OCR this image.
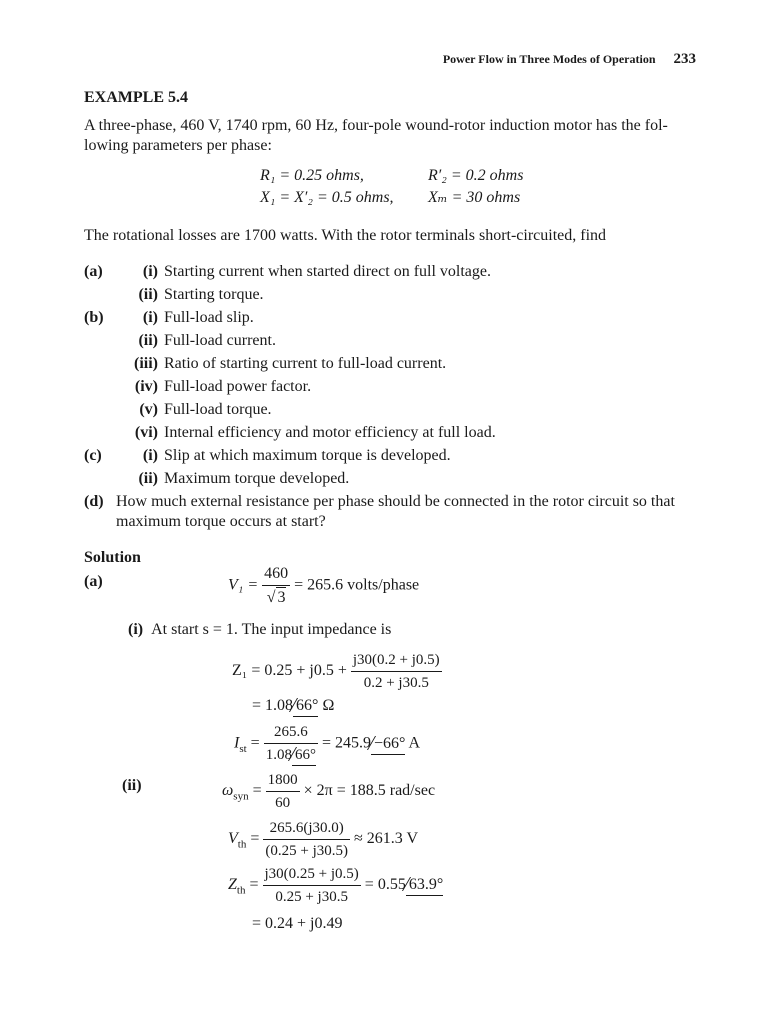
Power Flow in Three Modes of Operation 233
EXAMPLE 5.4
A three-phase, 460 V, 1740 rpm, 60 Hz, four-pole wound-rotor induction motor has the fol-
lowing parameters per phase:
R₁ = 0.25 ohms,	R′₂ = 0.2 ohms
X₁ = X′₂ = 0.5 ohms, Xₘ = 30 ohms
The rotational losses are 1700 watts. With the rotor terminals short-circuited, find
(a)	(i) Starting current when started direct on full voltage.
(ii) Starting torque.
(b) (i) Full-load slip.
(ii) Full-load current.
(iii) Ratio of starting current to full-load current.
(iv) Full-load power factor.
(v) Full-load torque.
(vi) Internal efficiency and motor efficiency at full load.
(c)	(i) Slip at which maximum torque is developed.
(ii) Maximum torque developed.
(d) How much external resistance per phase should be connected in the rotor circuit so that
maximum torque occurs at start?
Solution
(a)	$V_1 = \frac{460}{√ 3} = 265.6$ volts/phase
(i) At start s = 1. The input impedance is
$Z_1 = 0.25 + j0.5 + \frac{j30(0.2 + j0.5)}{0.2 + j30.5}$
= 1.08 66° Ω
$I_{st} = \frac{265.6}{1.08 66^\circ} = 245.9 -66^\circ$ A
(ii)	$\omega_{syn} = \frac{1800}{60} \times 2\pi = 188.5$ rad/sec
$V_{th} = \frac{265.6(j30.0)}{(0.25 + j30.5)} \approx 261.3$ V
$Z_{th} = \frac{j30(0.25 + j0.5)}{0.25 + j30.5} = 0.55$ 63.9°
= 0.24 + j0.49
